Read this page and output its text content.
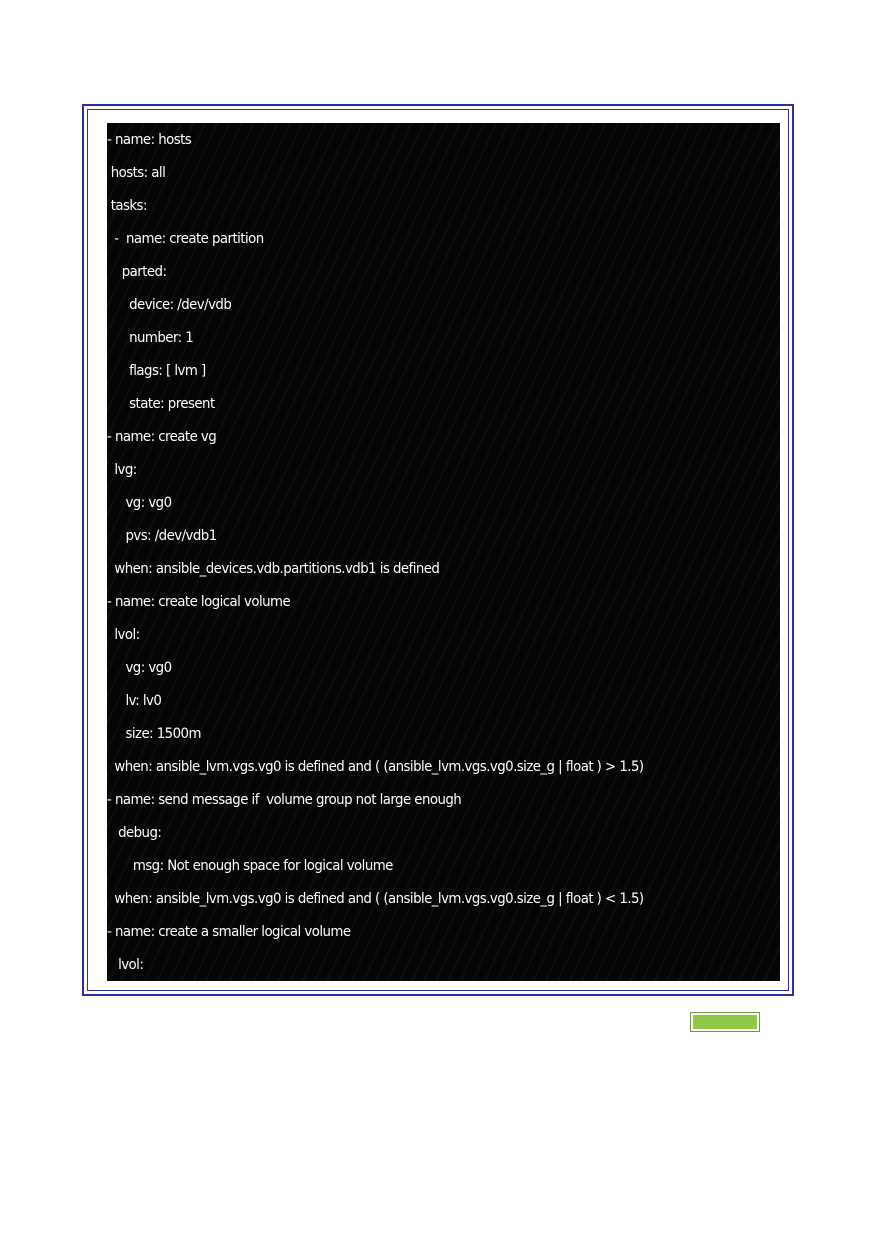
- name: hosts
hosts: all
tasks:
-  name: create partition
parted:
device: /dev/vdb
number: 1
flags: [ lvm ]
state: present
- name: create vg
lvg:
vg: vg0
pvs: /dev/vdb1
when: ansible_devices.vdb.partitions.vdb1 is defined
- name: create logical volume
lvol:
vg: vg0
lv: lv0
size: 1500m
when: ansible_lvm.vgs.vg0 is defined and ( (ansible_lvm.vgs.vg0.size_g | float ) > 1.5)
- name: send message if  volume group not large enough
debug:
msg: Not enough space for logical volume
when: ansible_lvm.vgs.vg0 is defined and ( (ansible_lvm.vgs.vg0.size_g | float ) < 1.5)
- name: create a smaller logical volume
lvol:
